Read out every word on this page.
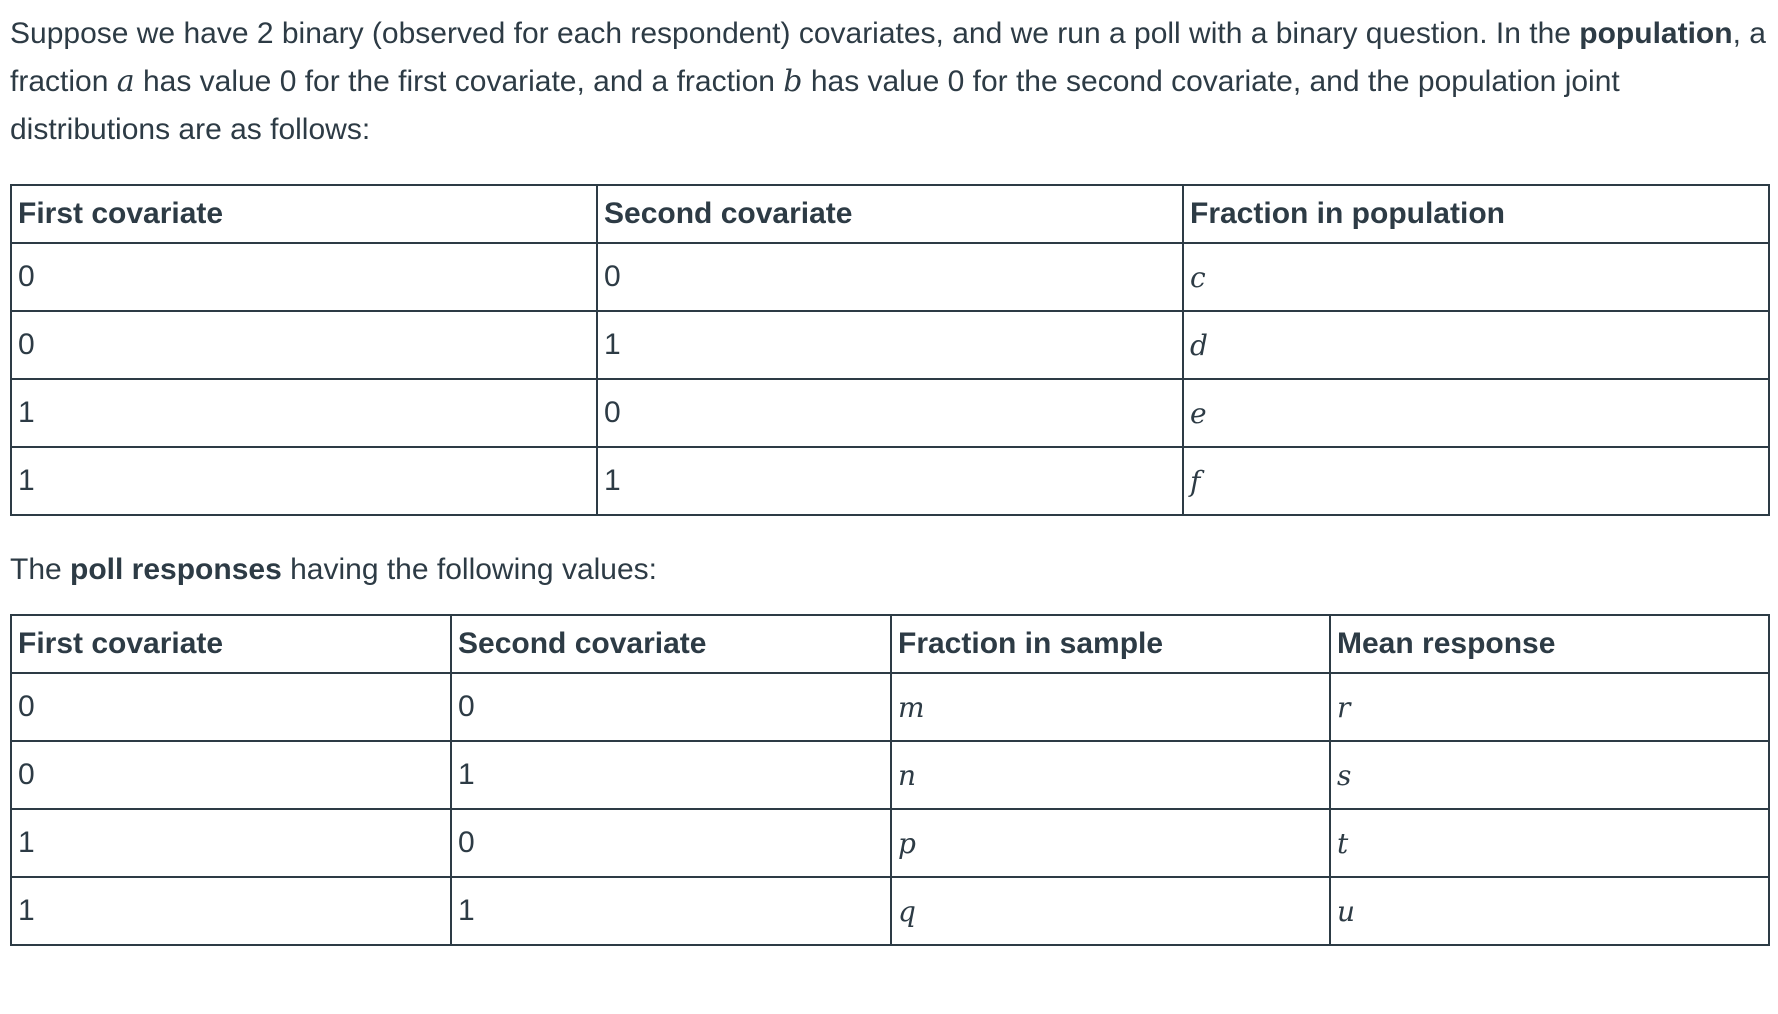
Suppose we have 2 binary (observed for each respondent) covariates, and we run a poll with a binary question. In the population, a fraction a has value 0 for the first covariate, and a fraction b has value 0 for the second covariate, and the population joint distributions are as follows:

First covariate	Second covariate	Fraction in population
0	0	c
0	1	d
1	0	e
1	1	f

The poll responses having the following values:

First covariate	Second covariate	Fraction in sample	Mean response
0	0	m	r
0	1	n	s
1	0	p	t
1	1	q	u
